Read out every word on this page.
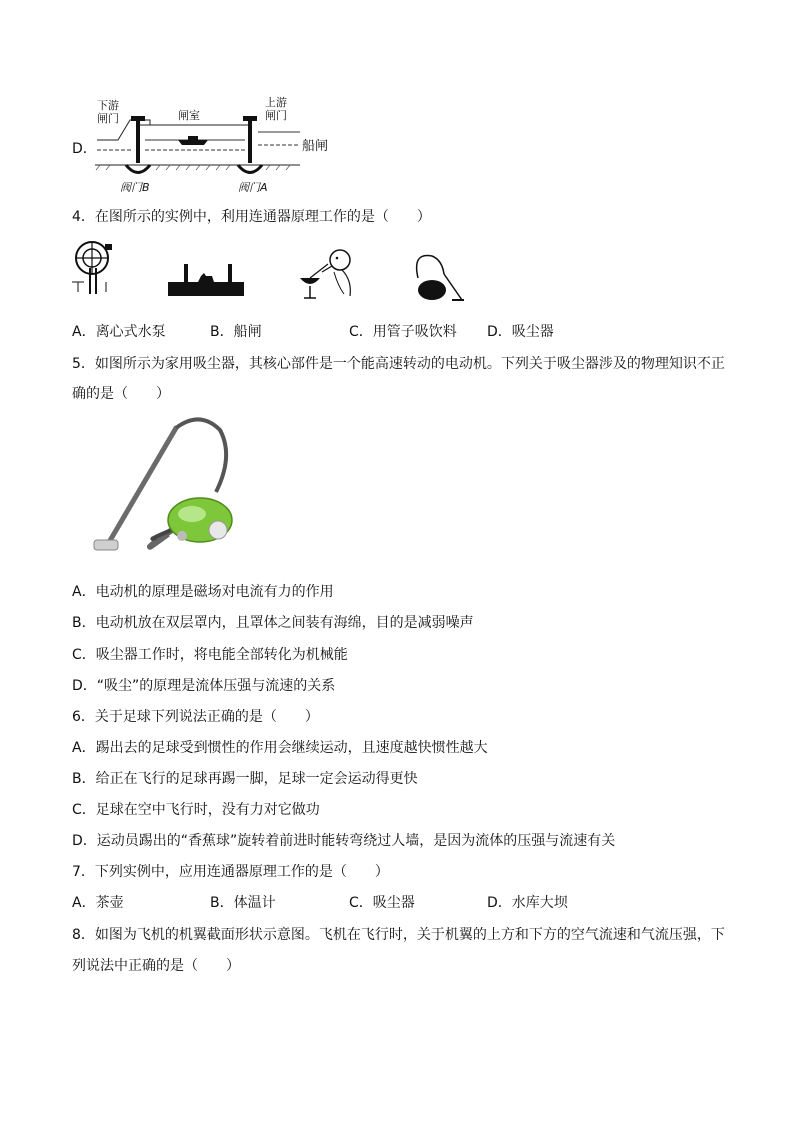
D．
下游
闸门	闸室
上游
闸门
阀门B	阀门A
船闸
4．在图所示的实例中，利用连通器原理工作的是（　　）
A．离心式水泵	B．船闸	C．用管子吸饮料 D．吸尘器
5．如图所示为家用吸尘器，其核心部件是一个能高速转动的电动机。下列关于吸尘器涉及的物理知识不正
确的是（　　）
A．电动机的原理是磁场对电流有力的作用
B．电动机放在双层罩内，且罩体之间装有海绵，目的是减弱噪声
C．吸尘器工作时，将电能全部转化为机械能
D．“吸尘”的原理是流体压强与流速的关系
6．关于足球下列说法正确的是（　　）
A．踢出去的足球受到惯性的作用会继续运动，且速度越快惯性越大
B．给正在飞行的足球再踢一脚，足球一定会运动得更快
C．足球在空中飞行时，没有力对它做功
D．运动员踢出的“香蕉球”旋转着前进时能转弯绕过人墙，是因为流体的压强与流速有关
7．下列实例中，应用连通器原理工作的是（　　）
A．茶壶	B．体温计	C．吸尘器	D．水库大坝
8．如图为飞机的机翼截面形状示意图。飞机在飞行时，关于机翼的上方和下方的空气流速和气流压强，下
列说法中正确的是（　　）
